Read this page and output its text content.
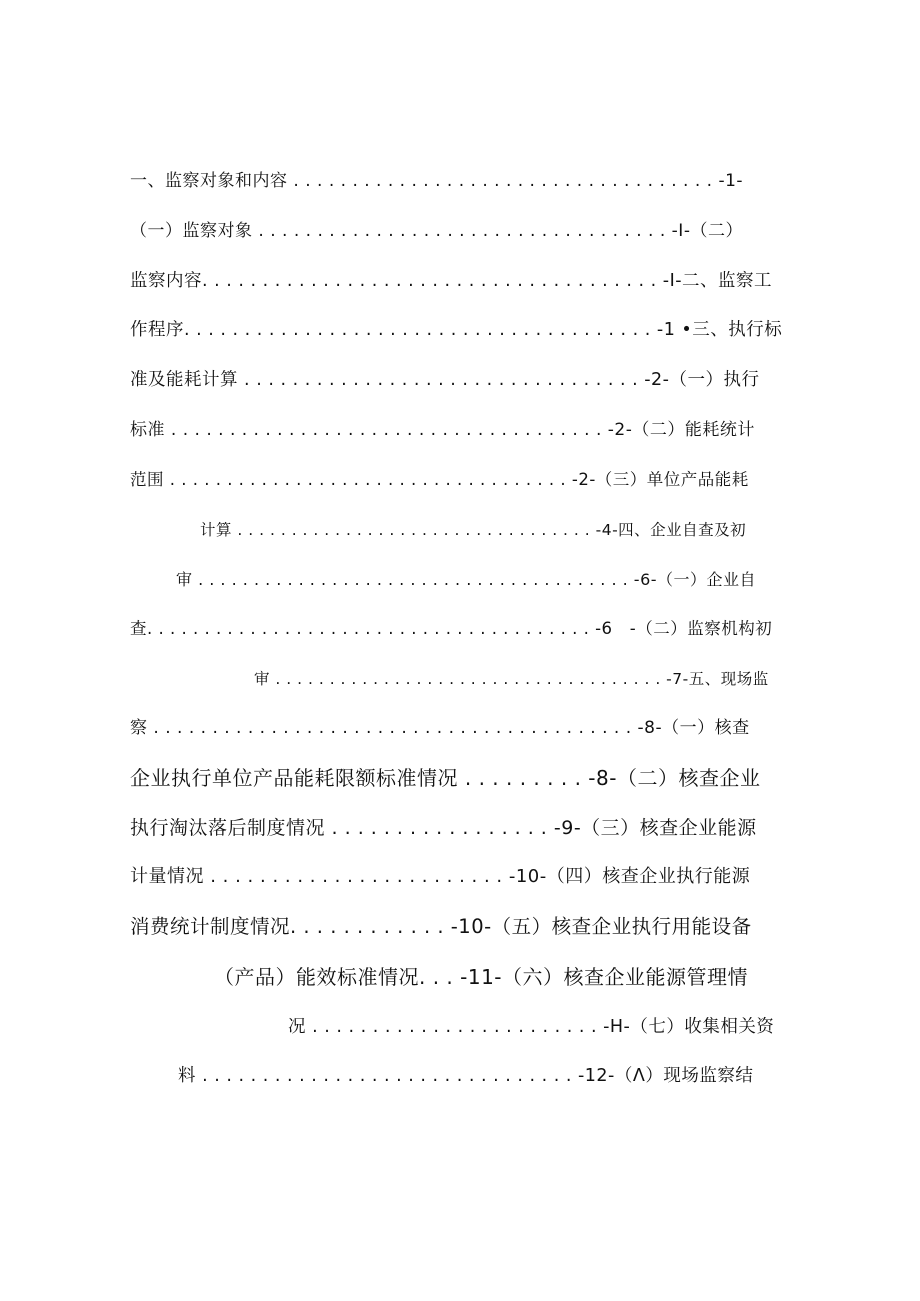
一、监察对象和内容 . . . . . . . . . . . . . . . . . . . . . . . . . . . . . . . . . . . . -1-
（一）监察对象 . . . . . . . . . . . . . . . . . . . . . . . . . . . . . . . . . . . -I-（二）
监察内容. . . . . . . . . . . . . . . . . . . . . . . . . . . . . . . . . . . . . . -I-二、监察工
作程序. . . . . . . . . . . . . . . . . . . . . . . . . . . . . . . . . . . . . . . -1 •三、执行标
准及能耗计算 . . . . . . . . . . . . . . . . . . . . . . . . . . . . . . . . . -2-（一）执行
标准 . . . . . . . . . . . . . . . . . . . . . . . . . . . . . . . . . . . . . -2-（二）能耗统计
范围 . . . . . . . . . . . . . . . . . . . . . . . . . . . . . . . . . . . -2-（三）单位产品能耗
计算 . . . . . . . . . . . . . . . . . . . . . . . . . . . . . . . . . -4-四、企业自查及初
审 . . . . . . . . . . . . . . . . . . . . . . . . . . . . . . . . . . . . . . . -6-（一）企业自
查. . . . . . . . . . . . . . . . . . . . . . . . . . . . . . . . . . . . . . . -6   -（二）监察机构初
审 . . . . . . . . . . . . . . . . . . . . . . . . . . . . . . . . . . . . -7-五、现场监
察 . . . . . . . . . . . . . . . . . . . . . . . . . . . . . . . . . . . . . . . . . -8-（一）核查
企业执行单位产品能耗限额标准情况 . . . . . . . . . -8-（二）核查企业
执行淘汰落后制度情况 . . . . . . . . . . . . . . . . . -9-（三）核查企业能源
计量情况 . . . . . . . . . . . . . . . . . . . . . . . . -10-（四）核查企业执行能源
消费统计制度情况. . . . . . . . . . . . -10-（五）核查企业执行用能设备
（产品）能效标准情况. . . -11-（六）核查企业能源管理情
况 . . . . . . . . . . . . . . . . . . . . . . . . -H-（七）收集相关资
料 . . . . . . . . . . . . . . . . . . . . . . . . . . . . . . . -12-（Λ）现场监察结
